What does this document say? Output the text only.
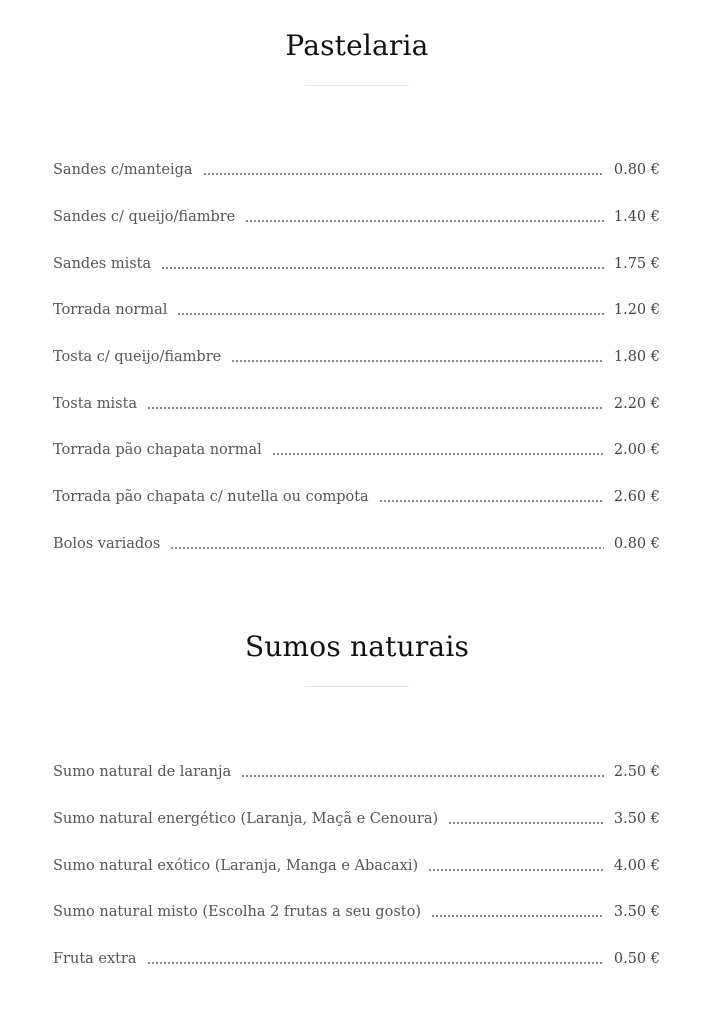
Pastelaria
Sandes c/manteiga	0.80 €
Sandes c/ queijo/fiambre	1.40 €
Sandes mista	1.75 €
Torrada normal	1.20 €
Tosta c/ queijo/fiambre	1.80 €
Tosta mista	2.20 €
Torrada pão chapata normal	2.00 €
Torrada pão chapata c/ nutella ou compota	2.60 €
Bolos variados	0.80 €
Sumos naturais
Sumo natural de laranja	2.50 €
Sumo natural energético (Laranja, Maçã e Cenoura)	3.50 €
Sumo natural exótico (Laranja, Manga e Abacaxi)	4.00 €
Sumo natural misto (Escolha 2 frutas a seu gosto)	3.50 €
Fruta extra	0.50 €
